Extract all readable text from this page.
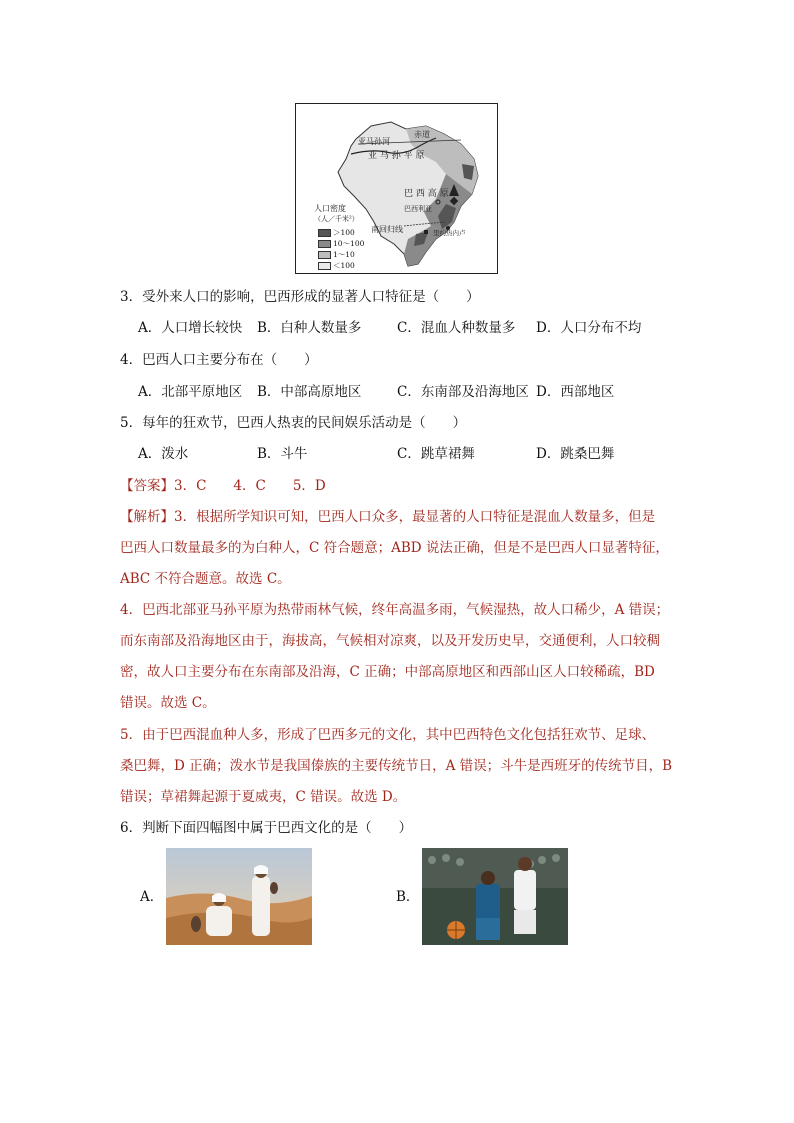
赤道
亚马孙河
亚 马 孙 平 原
巴 西 高 原
巴西利亚
南回归线	里约热内卢
人口密度
（人／千米²）
＞100
10～100
1～10
＜100
3．受外来人口的影响，巴西形成的显著人口特征是（　　）
A．人口增长较快 B．白种人数量多	C．混血人种数量多 D．人口分布不均
4．巴西人口主要分布在（　　）
A．北部平原地区 B．中部高原地区	C．东南部及沿海地区 D．西部地区
5．每年的狂欢节，巴西人热衷的民间娱乐活动是（　　）
A．泼水	B．斗牛	C．跳草裙舞	D．跳桑巴舞
【答案】3．C　　4．C　　5．D
【解析】3．根据所学知识可知，巴西人口众多，最显著的人口特征是混血人数量多，但是
巴西人口数量最多的为白种人，C 符合题意；ABD 说法正确，但是不是巴西人口显著特征，
ABC 不符合题意。故选 C。
4．巴西北部亚马孙平原为热带雨林气候，终年高温多雨，气候湿热，故人口稀少，A 错误；
而东南部及沿海地区由于，海拔高，气候相对凉爽，以及开发历史早，交通便利，人口较稠
密，故人口主要分布在东南部及沿海，C 正确；中部高原地区和西部山区人口较稀疏，BD
错误。故选 C。
5．由于巴西混血种人多，形成了巴西多元的文化，其中巴西特色文化包括狂欢节、足球、
桑巴舞，D 正确；泼水节是我国傣族的主要传统节日，A 错误；斗牛是西班牙的传统节目，B
错误；草裙舞起源于夏威夷，C 错误。故选 D。
6．判断下面四幅图中属于巴西文化的是（　　）
A．	B．
